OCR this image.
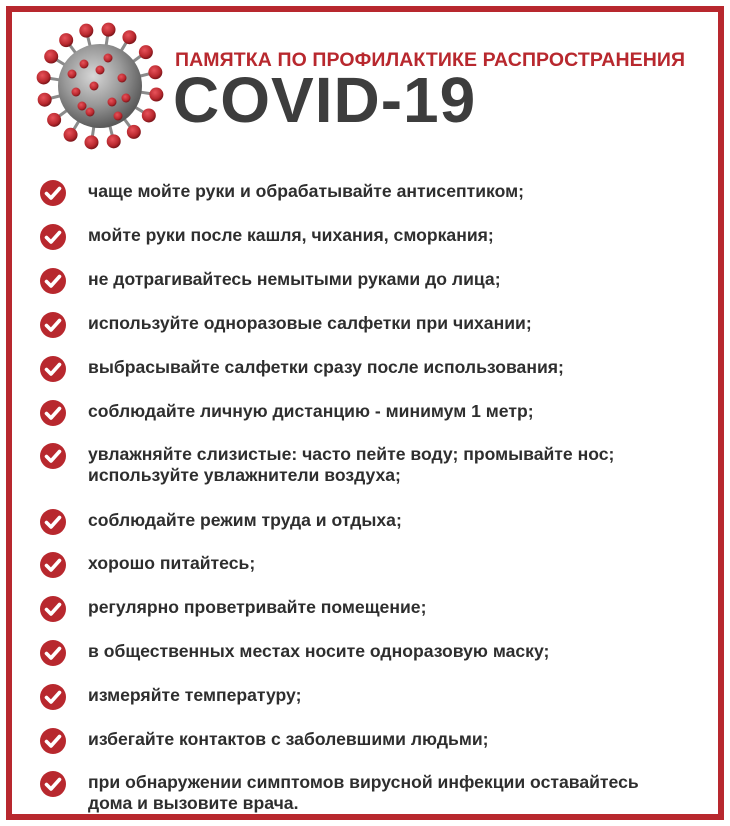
ПАМЯТКА ПО ПРОФИЛАКТИКЕ РАСПРОСТРАНЕНИЯ
COVID-19
чаще мойте руки и обрабатывайте антисептиком;
мойте руки после кашля, чихания, сморкания;
не дотрагивайтесь немытыми руками до лица;
используйте одноразовые салфетки при чихании;
выбрасывайте салфетки сразу после использования;
соблюдайте личную дистанцию - минимум 1 метр;
увлажняйте слизистые: часто пейте воду; промывайте нос;
используйте увлажнители воздуха;
соблюдайте режим труда и отдыха;
хорошо питайтесь;
регулярно проветривайте помещение;
в общественных местах носите одноразовую маску;
измеряйте температуру;
избегайте контактов с заболевшими людьми;
при обнаружении симптомов вирусной инфекции оставайтесь
дома и вызовите врача.
